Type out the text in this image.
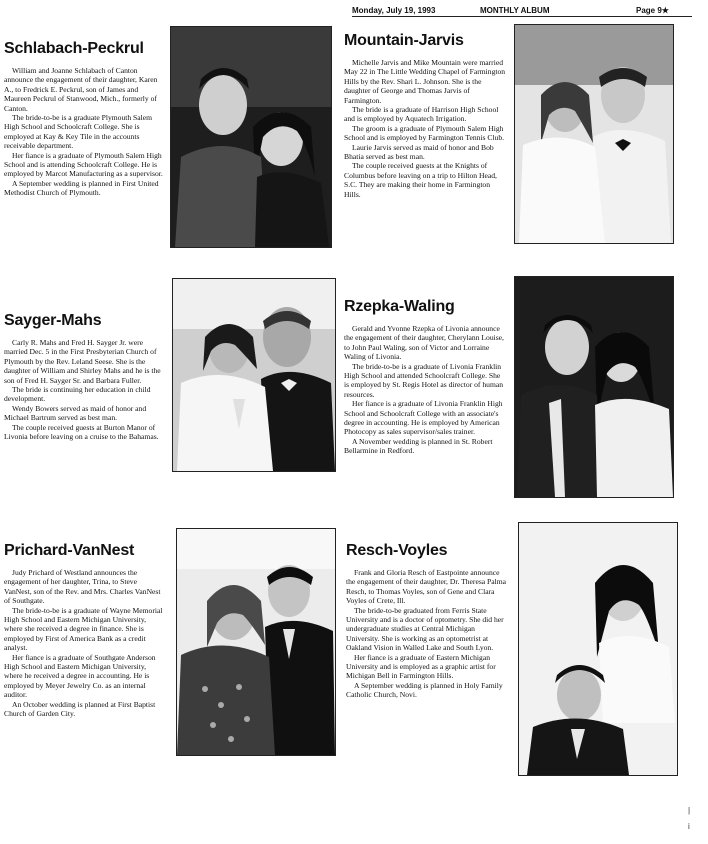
Monday, July 19, 1993	MONTHLY ALBUM	Page 9★
Schlabach-Peckrul

William and Joanne Schlabach of Canton announce the engagement of their daughter, Karen A., to Fredrick E. Peckrul, son of James and Maureen Peckrul of Stanwood, Mich., formerly of Canton.

The bride-to-be is a graduate Plymouth Salem High School and Schoolcraft College. She is employed at Kay & Key Tile in the accounts receivable department.

Her fiance is a graduate of Plymouth Salem High School and is attending Schoolcraft College. He is employed by Marcot Manufacturing as a supervisor.

A September wedding is planned in First United Methodist Church of Plymouth.

Mountain-Jarvis

Michelle Jarvis and Mike Mountain were married May 22 in The Little Wedding Chapel of Farmington Hills by the Rev. Shari L. Johnson. She is the daughter of George and Thomas Jarvis of Farmington.

The bride is a graduate of Harrison High School and is employed by Aquatech Irrigation.

The groom is a graduate of Plymouth Salem High School and is employed by Farmington Tennis Club.

Laurie Jarvis served as maid of honor and Bob Bhatia served as best man.

The couple received guests at the Knights of Columbus before leaving on a trip to Hilton Head, S.C. They are making their home in Farmington Hills.

Sayger-Mahs

Carly R. Mahs and Fred H. Sayger Jr. were married Dec. 5 in the First Presbyterian Church of Plymouth by the Rev. Leland Seese. She is the daughter of William and Shirley Mahs and he is the son of Fred H. Sayger Sr. and Barbara Fuller.

The bride is continuing her education in child development.

Wendy Bowers served as maid of honor and Michael Bartrum served as best man.

The couple received guests at Burton Manor of Livonia before leaving on a cruise to the Bahamas.

Rzepka-Waling

Gerald and Yvonne Rzepka of Livonia announce the engagement of their daughter, Cherylann Louise, to John Paul Waling, son of Victor and Lorraine Waling of Livonia.

The bride-to-be is a graduate of Livonia Franklin High School and attended Schoolcraft College. She is employed by St. Regis Hotel as director of human resources.

Her fiance is a graduate of Livonia Franklin High School and Schoolcraft College with an associate's degree in accounting. He is employed by American Photocopy as sales supervisor/sales trainer.

A November wedding is planned in St. Robert Bellarmine in Redford.

Prichard-VanNest

Judy Prichard of Westland announces the engagement of her daughter, Trina, to Steve VanNest, son of the Rev. and Mrs. Charles VanNest of Southgate.

The bride-to-be is a graduate of Wayne Memorial High School and Eastern Michigan University, where she received a degree in finance. She is employed by First of America Bank as a credit analyst.

Her fiance is a graduate of Southgate Anderson High School and Eastern Michigan University, where he received a degree in accounting. He is employed by Meyer Jewelry Co. as an internal auditor.

An October wedding is planned at First Baptist Church of Garden City.

Resch-Voyles

Frank and Gloria Resch of Eastpointe announce the engagement of their daughter, Dr. Theresa Palma Resch, to Thomas Voyles, son of Gene and Clara Voyles of Crete, Ill.

The bride-to-be graduated from Ferris State University and is a doctor of optometry. She did her undergraduate studies at Central Michigan University. She is working as an optometrist at Oakland Vision in Walled Lake and South Lyon.

Her fiance is a graduate of Eastern Michigan University and is employed as a graphic artist for Michigan Bell in Farmington Hills.

A September wedding is planned in Holy Family Catholic Church, Novi.

|
i
